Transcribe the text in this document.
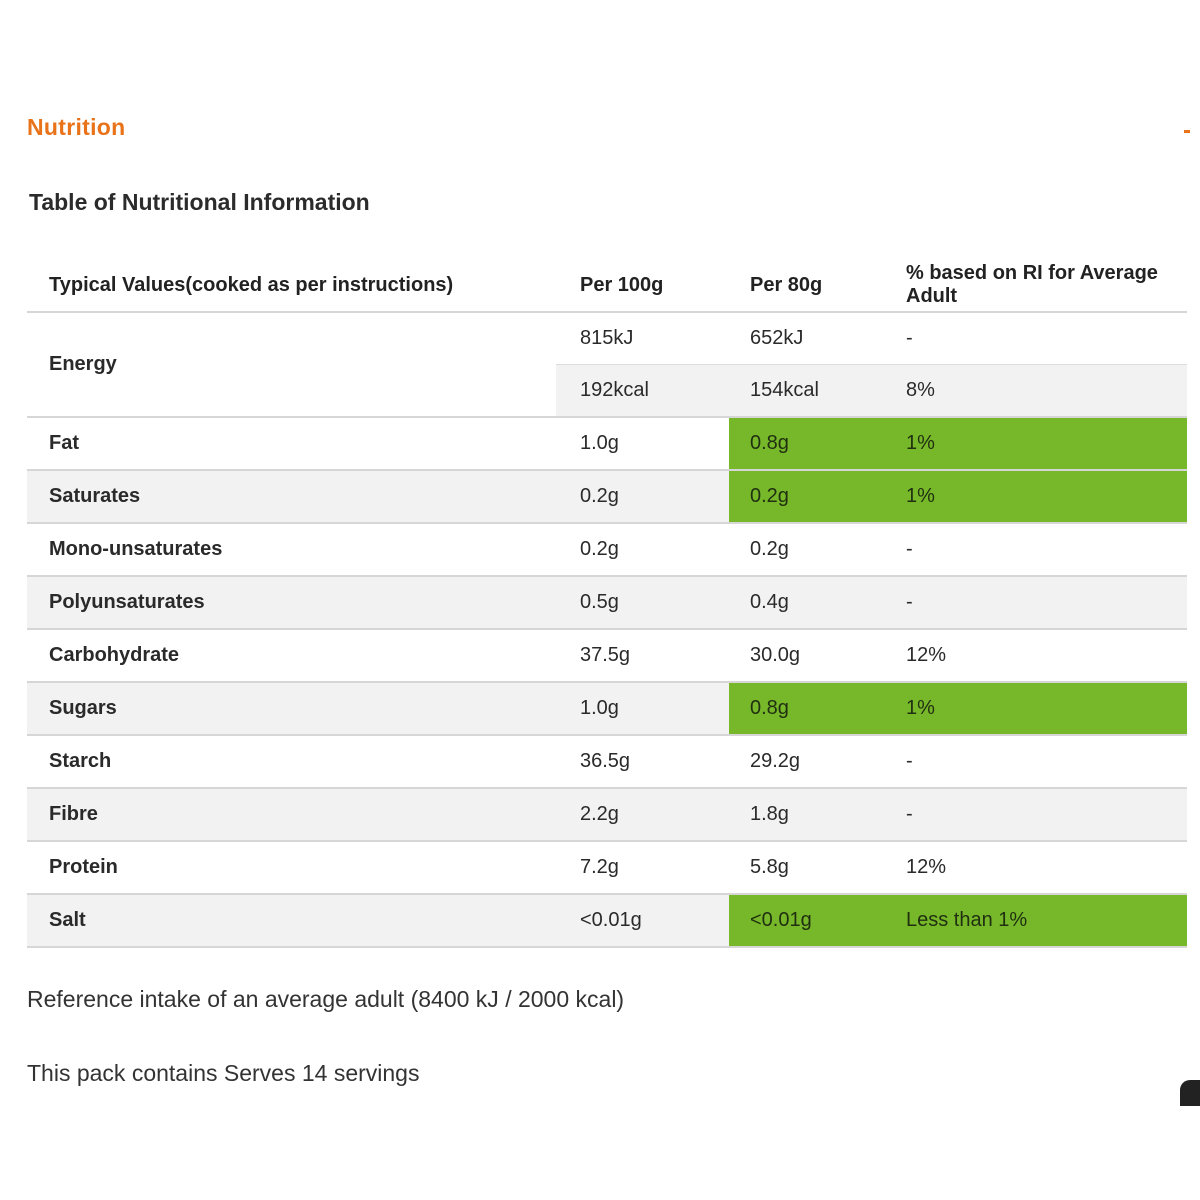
Nutrition
Table of Nutritional Information
Typical Values(cooked as per instructions)	Per 100g	Per 80g	% based on RI for Average Adult
Energy	815kJ	652kJ	-
	192kcal	154kcal	8%
Fat	1.0g	0.8g	1%
Saturates	0.2g	0.2g	1%
Mono-unsaturates	0.2g	0.2g	-
Polyunsaturates	0.5g	0.4g	-
Carbohydrate	37.5g	30.0g	12%
Sugars	1.0g	0.8g	1%
Starch	36.5g	29.2g	-
Fibre	2.2g	1.8g	-
Protein	7.2g	5.8g	12%
Salt	<0.01g	<0.01g	Less than 1%
Reference intake of an average adult (8400 kJ / 2000 kcal)
This pack contains Serves 14 servings
